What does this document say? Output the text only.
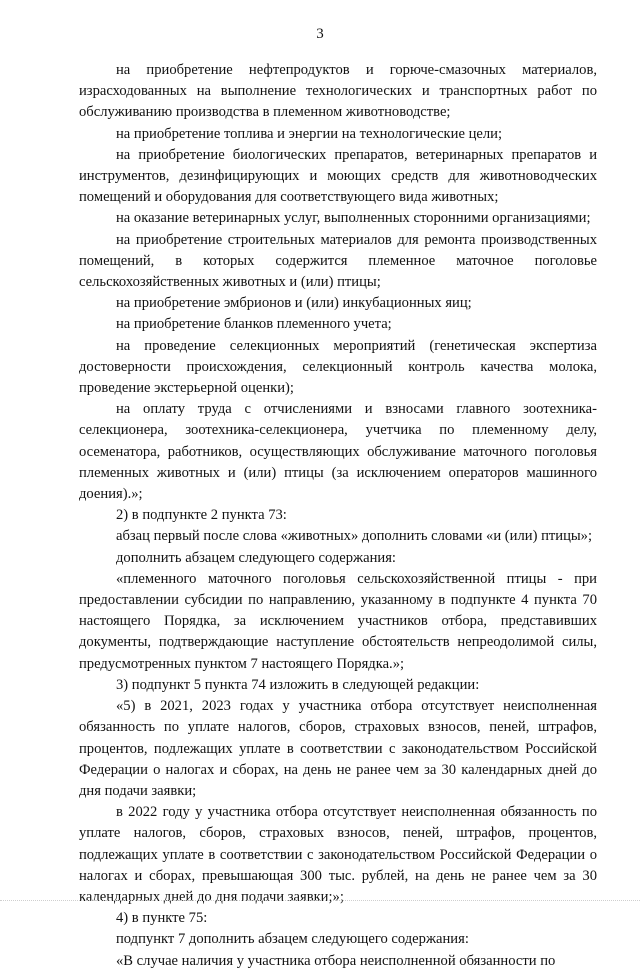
3

на приобретение нефтепродуктов и горюче-смазочных материалов, израсходованных на выполнение технологических и транспортных работ по обслуживанию производства в племенном животноводстве;

на приобретение топлива и энергии на технологические цели;

на приобретение биологических препаратов, ветеринарных препаратов и инструментов, дезинфицирующих и моющих средств для животноводческих помещений и оборудования для соответствующего вида животных;

на оказание ветеринарных услуг, выполненных сторонними организациями;

на приобретение строительных материалов для ремонта производственных помещений, в которых содержится племенное маточное поголовье сельскохозяйственных животных и (или) птицы;

на приобретение эмбрионов и (или) инкубационных яиц;

на приобретение бланков племенного учета;

на проведение селекционных мероприятий (генетическая экспертиза достоверности происхождения, селекционный контроль качества молока, проведение экстерьерной оценки);

на оплату труда с отчислениями и взносами главного зоотехника-селекционера, зоотехника-селекционера, учетчика по племенному делу, осеменатора, работников, осуществляющих обслуживание маточного поголовья племенных животных и (или) птицы (за исключением операторов машинного доения).»;

2) в подпункте 2 пункта 73:

абзац первый после слова «животных» дополнить словами «и (или) птицы»;

дополнить абзацем следующего содержания:

«племенного маточного поголовья сельскохозяйственной птицы - при предоставлении субсидии по направлению, указанному в подпункте 4 пункта 70 настоящего Порядка, за исключением участников отбора, представивших документы, подтверждающие наступление обстоятельств непреодолимой силы, предусмотренных пунктом 7 настоящего Порядка.»;

3) подпункт 5 пункта 74 изложить в следующей редакции:

«5) в 2021, 2023 годах у участника отбора отсутствует неисполненная обязанность по уплате налогов, сборов, страховых взносов, пеней, штрафов, процентов, подлежащих уплате в соответствии с законодательством Российской Федерации о налогах и сборах, на день не ранее чем за 30 календарных дней до дня подачи заявки;

в 2022 году у участника отбора отсутствует неисполненная обязанность по уплате налогов, сборов, страховых взносов, пеней, штрафов, процентов, подлежащих уплате в соответствии с законодательством Российской Федерации о налогах и сборах, превышающая 300 тыс. рублей, на день не ранее чем за 30 календарных дней до дня подачи заявки;»;

4) в пункте 75:

подпункт 7 дополнить абзацем следующего содержания:

«В случае наличия у участника отбора неисполненной обязанности по
